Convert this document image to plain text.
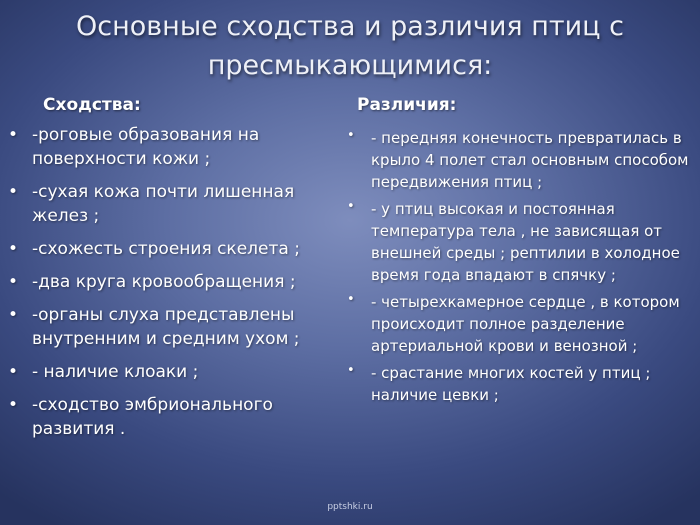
Основные сходства и различия птиц с
пресмыкающимися:
Сходства:	Различия:
• -роговые образования на поверхности кожи ;
• -сухая кожа почти лишенная желез ;
• -схожесть строения скелета ;
• -два круга кровообращения ;
• -органы слуха представлены внутренним и средним ухом ;
• - наличие клоаки ;
• -сходство эмбрионального развития .
• - передняя конечность превратилась в крыло 4 полет стал основным способом передвижения птиц ;
• - у птиц высокая и постоянная температура тела , не зависящая от внешней среды ; рептилии в холодное время года впадают в спячку ;
• - четырехкамерное сердце , в котором происходит полное разделение артериальной крови и венозной ;
• - срастание многих костей у птиц ; наличие цевки ;
pptshki.ru
